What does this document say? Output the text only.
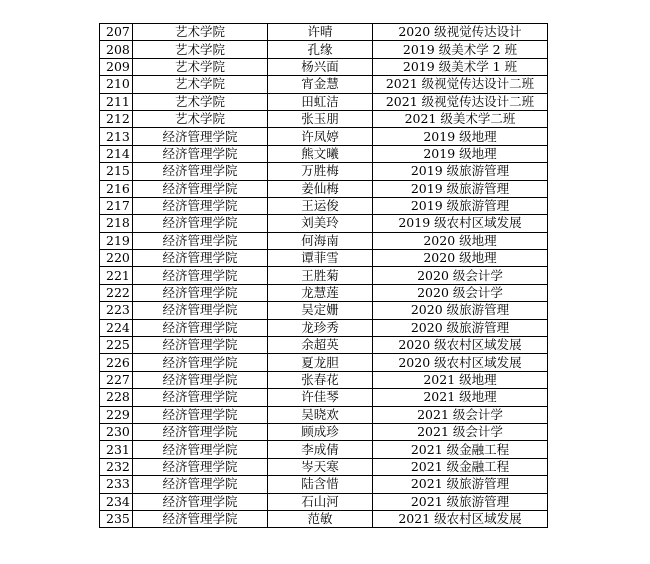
207	艺术学院	许晴	2020 级视觉传达设计
208	艺术学院	孔缘	2019 级美术学 2 班
209	艺术学院	杨兴面	2019 级美术学 1 班
210	艺术学院	宵金慧	2021 级视觉传达设计二班
211	艺术学院	田虹洁	2021 级视觉传达设计二班
212	艺术学院	张玉朋	2021 级美术学二班
213	经济管理学院	许凤婷	2019 级地理
214	经济管理学院	熊文曦	2019 级地理
215	经济管理学院	万胜梅	2019 级旅游管理
216	经济管理学院	姜仙梅	2019 级旅游管理
217	经济管理学院	王运俊	2019 级旅游管理
218	经济管理学院	刘美玲	2019 级农村区域发展
219	经济管理学院	何海南	2020 级地理
220	经济管理学院	谭菲雪	2020 级地理
221	经济管理学院	王胜菊	2020 级会计学
222	经济管理学院	龙慧莲	2020 级会计学
223	经济管理学院	吴定姗	2020 级旅游管理
224	经济管理学院	龙珍秀	2020 级旅游管理
225	经济管理学院	余超英	2020 级农村区域发展
226	经济管理学院	夏龙胆	2020 级农村区域发展
227	经济管理学院	张春花	2021 级地理
228	经济管理学院	许佳琴	2021 级地理
229	经济管理学院	吴晓欢	2021 级会计学
230	经济管理学院	顾成珍	2021 级会计学
231	经济管理学院	李成倩	2021 级金融工程
232	经济管理学院	岑天寒	2021 级金融工程
233	经济管理学院	陆含惜	2021 级旅游管理
234	经济管理学院	石山河	2021 级旅游管理
235	经济管理学院	范敏	2021 级农村区域发展
